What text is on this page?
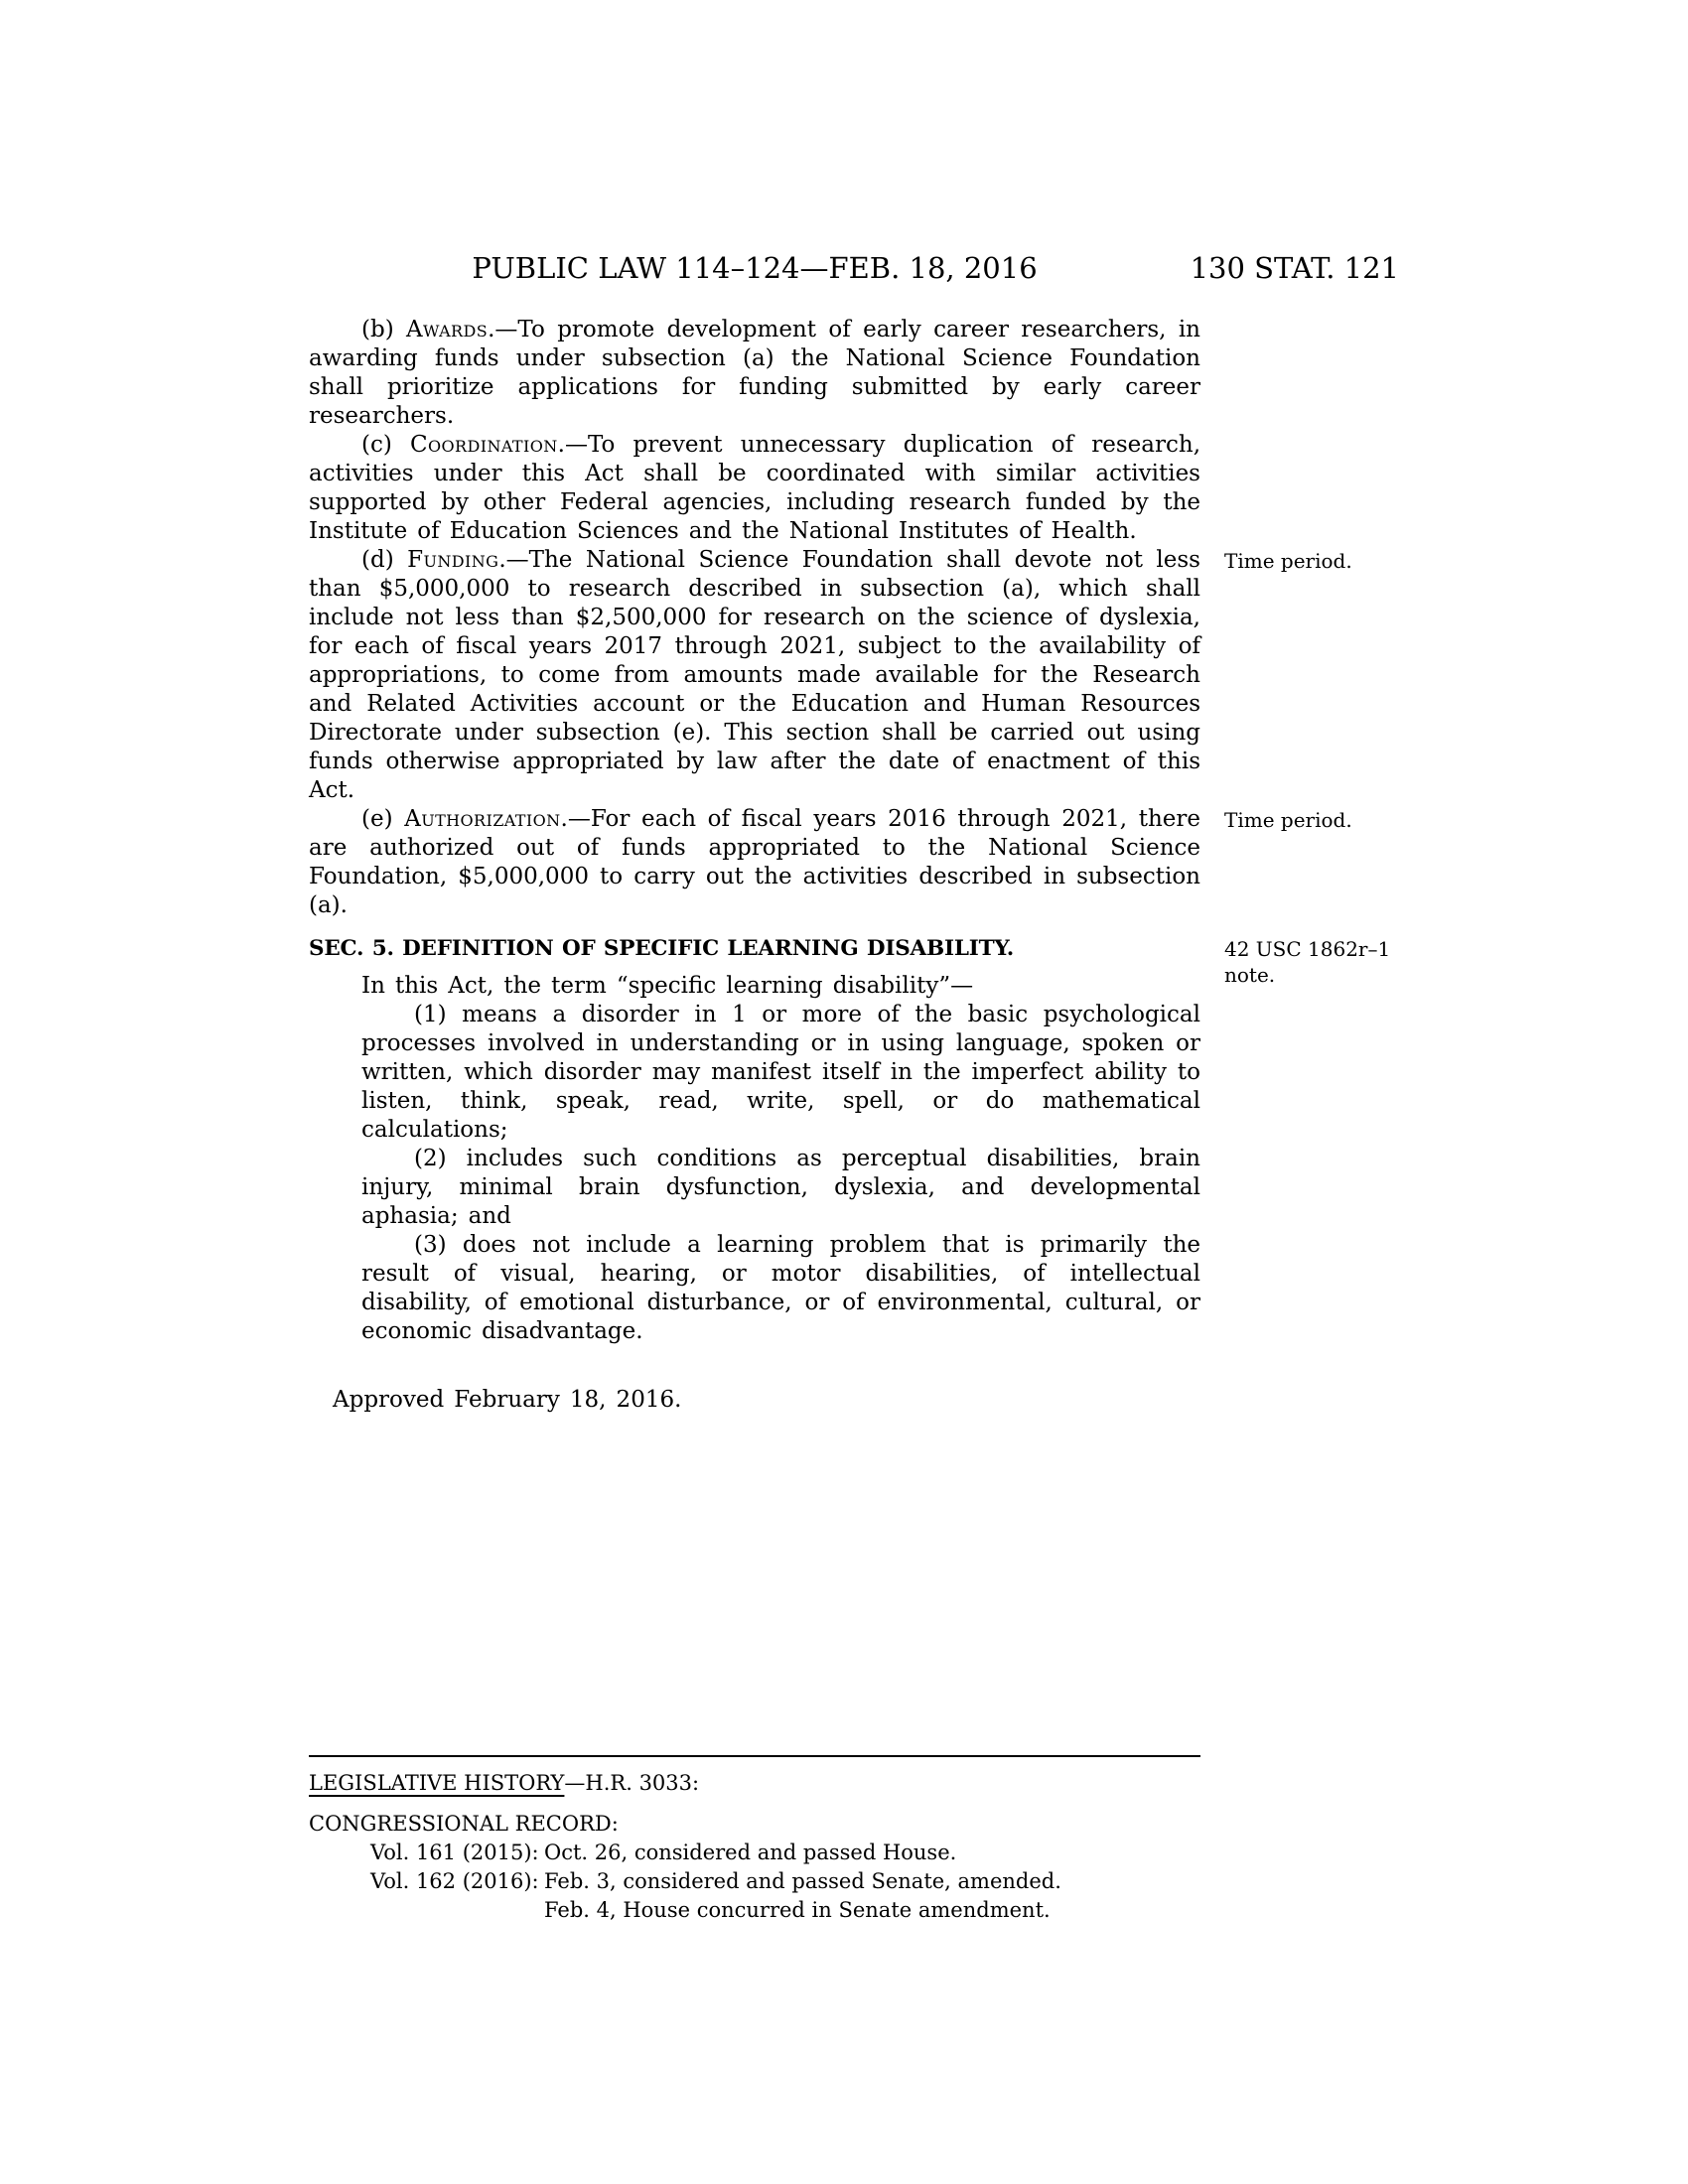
PUBLIC LAW 114–124—FEB. 18, 2016	130 STAT. 121

(b) Awards.—To promote development of early career researchers, in awarding funds under subsection (a) the National Science Foundation shall prioritize applications for funding submitted by early career researchers.

(c) Coordination.—To prevent unnecessary duplication of research, activities under this Act shall be coordinated with similar activities supported by other Federal agencies, including research funded by the Institute of Education Sciences and the National Institutes of Health.

(d) Funding.—The National Science Foundation shall devote not less than $5,000,000 to research described in subsection (a), which shall include not less than $2,500,000 for research on the science of dyslexia, for each of fiscal years 2017 through 2021, subject to the availability of appropriations, to come from amounts made available for the Research and Related Activities account or the Education and Human Resources Directorate under subsection (e). This section shall be carried out using funds otherwise appropriated by law after the date of enactment of this Act.

(e) Authorization.—For each of fiscal years 2016 through 2021, there are authorized out of funds appropriated to the National Science Foundation, $5,000,000 to carry out the activities described in subsection (a).

SEC. 5. DEFINITION OF SPECIFIC LEARNING DISABILITY.

In this Act, the term “specific learning disability”—

(1) means a disorder in 1 or more of the basic psychological processes involved in understanding or in using language, spoken or written, which disorder may manifest itself in the imperfect ability to listen, think, speak, read, write, spell, or do mathematical calculations;

(2) includes such conditions as perceptual disabilities, brain injury, minimal brain dysfunction, dyslexia, and developmental aphasia; and

(3) does not include a learning problem that is primarily the result of visual, hearing, or motor disabilities, of intellectual disability, of emotional disturbance, or of environmental, cultural, or economic disadvantage.

Approved February 18, 2016.

Time period.
Time period.
42 USC 1862r–1 note.

LEGISLATIVE HISTORY—H.R. 3033:

CONGRESSIONAL RECORD:

Vol. 161 (2015): Oct. 26, considered and passed House.

Vol. 162 (2016): Feb. 3, considered and passed Senate, amended.

Feb. 4, House concurred in Senate amendment.
